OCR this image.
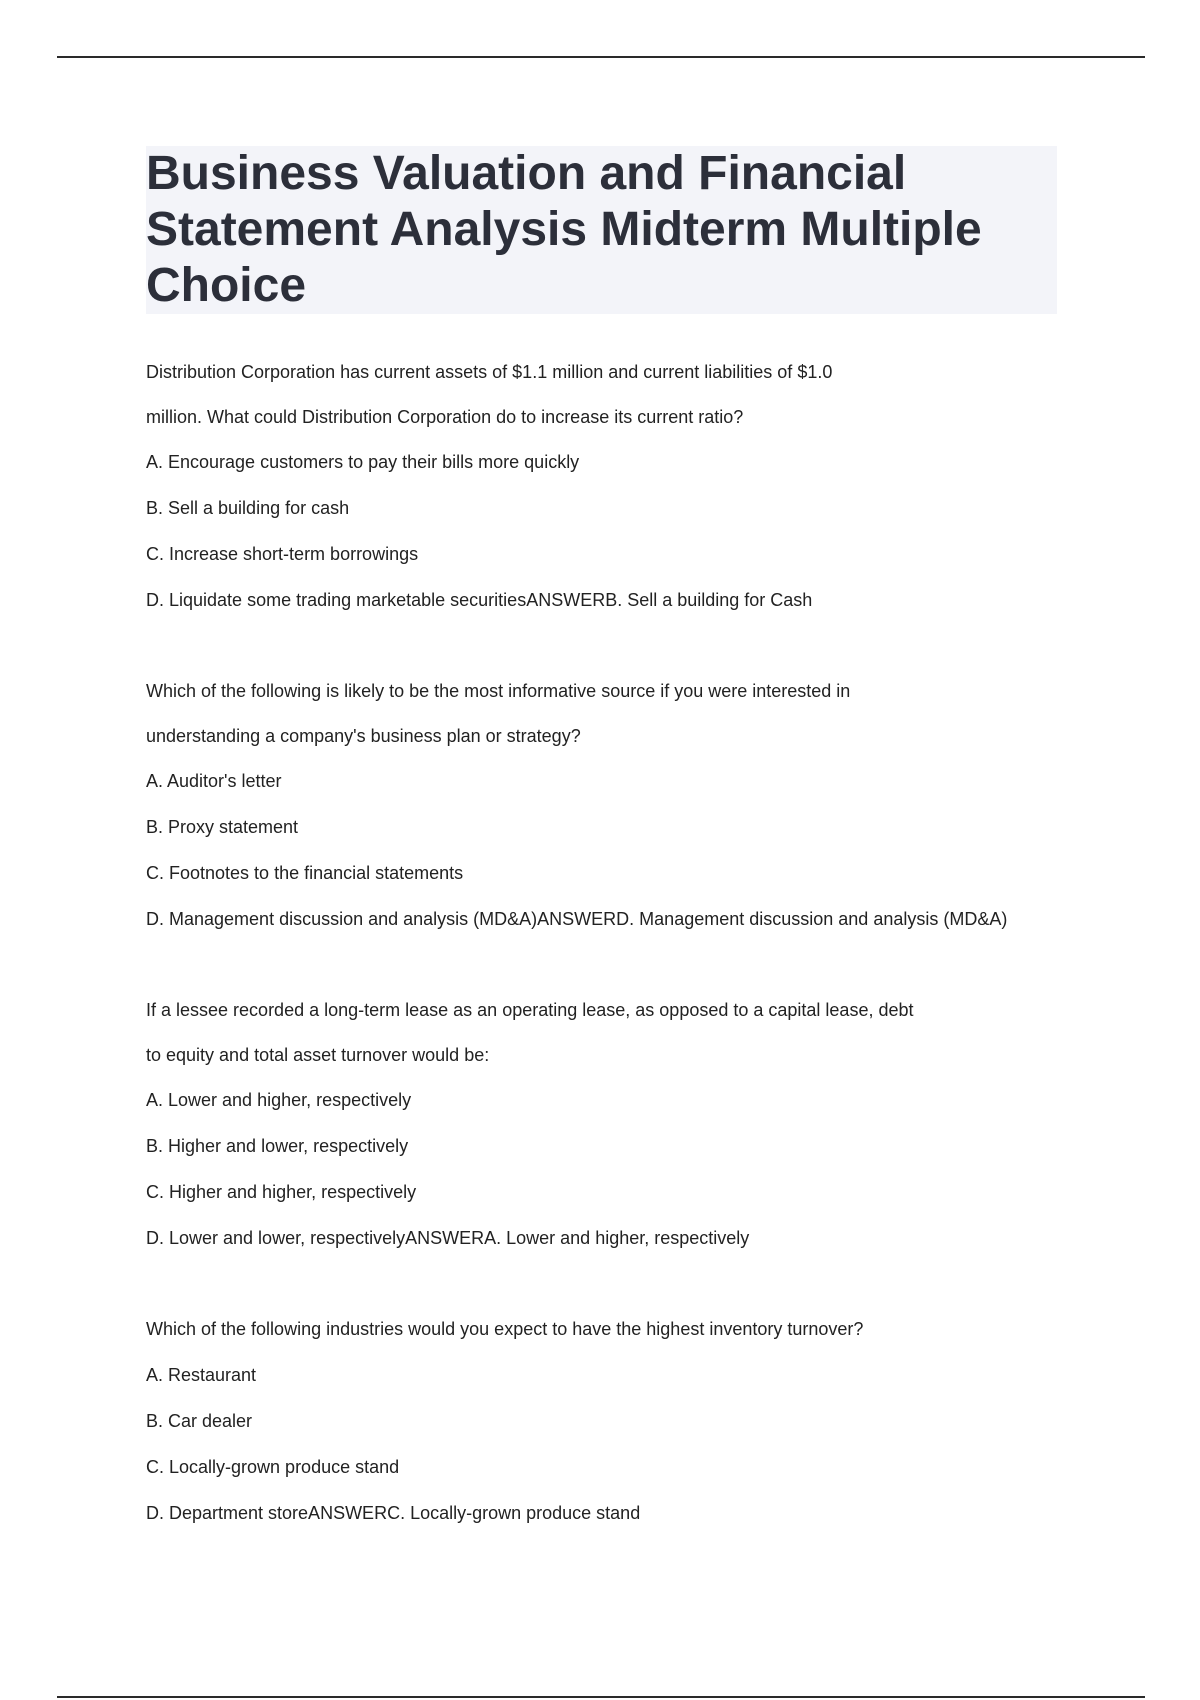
Business Valuation and Financial Statement Analysis Midterm Multiple Choice
Distribution Corporation has current assets of $1.1 million and current liabilities of $1.0
million. What could Distribution Corporation do to increase its current ratio?
A. Encourage customers to pay their bills more quickly
B. Sell a building for cash
C. Increase short-term borrowings
D. Liquidate some trading marketable securitiesANSWERB. Sell a building for Cash
Which of the following is likely to be the most informative source if you were interested in
understanding a company's business plan or strategy?
A. Auditor's letter
B. Proxy statement
C. Footnotes to the financial statements
D. Management discussion and analysis (MD&A)ANSWERD. Management discussion and analysis (MD&A)
If a lessee recorded a long-term lease as an operating lease, as opposed to a capital lease, debt
to equity and total asset turnover would be:
A. Lower and higher, respectively
B. Higher and lower, respectively
C. Higher and higher, respectively
D. Lower and lower, respectivelyANSWERA. Lower and higher, respectively
Which of the following industries would you expect to have the highest inventory turnover?
A. Restaurant
B. Car dealer
C. Locally-grown produce stand
D. Department storeANSWERC. Locally-grown produce stand
